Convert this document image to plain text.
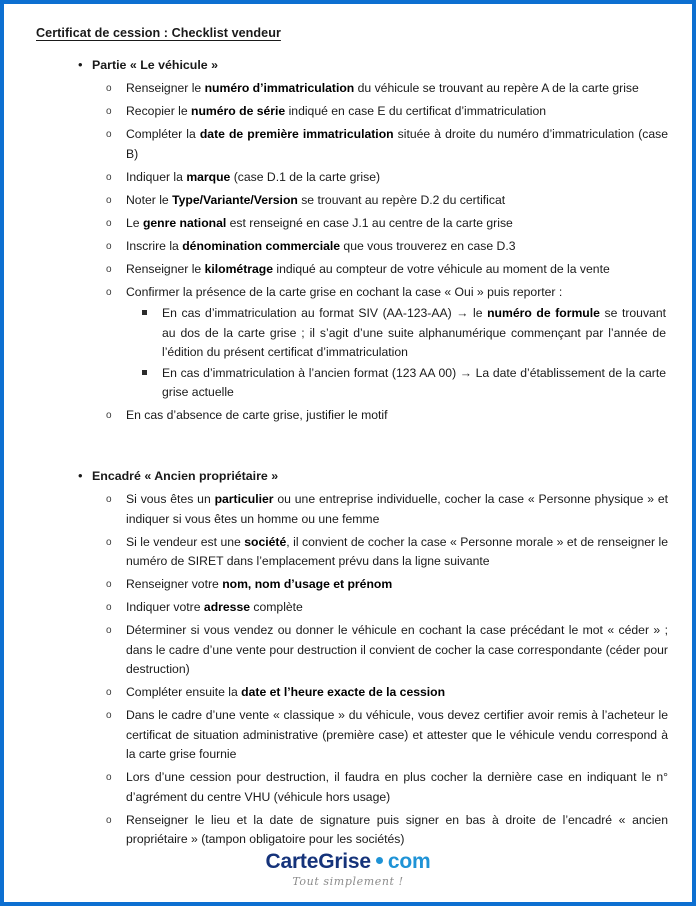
Certificat de cession : Checklist vendeur
• Partie « Le véhicule »
o Renseigner le numéro d’immatriculation du véhicule se trouvant au repère A de la carte grise
o Recopier le numéro de série indiqué en case E du certificat d’immatriculation
o Compléter la date de première immatriculation située à droite du numéro d’immatriculation (case B)
o Indiquer la marque (case D.1 de la carte grise)
o Noter le Type/Variante/Version se trouvant au repère D.2 du certificat
o Le genre national est renseigné en case J.1 au centre de la carte grise
o Inscrire la dénomination commerciale que vous trouverez en case D.3
o Renseigner le kilométrage indiqué au compteur de votre véhicule au moment de la vente
o Confirmer la présence de la carte grise en cochant la case « Oui » puis reporter :
En cas d’immatriculation au format SIV (AA-123-AA) → le numéro de formule se trouvant au dos de la carte grise ; il s’agit d’une suite alphanumérique commençant par l’année de l’édition du présent certificat d’immatriculation
En cas d’immatriculation à l’ancien format (123 AA 00) → La date d’établissement de la carte grise actuelle
o En cas d’absence de carte grise, justifier le motif
• Encadré « Ancien propriétaire »
o Si vous êtes un particulier ou une entreprise individuelle, cocher la case « Personne physique » et indiquer si vous êtes un homme ou une femme
o Si le vendeur est une société, il convient de cocher la case « Personne morale » et de renseigner le numéro de SIRET dans l’emplacement prévu dans la ligne suivante
o Renseigner votre nom, nom d’usage et prénom
o Indiquer votre adresse complète
o Déterminer si vous vendez ou donner le véhicule en cochant la case précédant le mot « céder » ; dans le cadre d’une vente pour destruction il convient de cocher la case correspondante (céder pour destruction)
o Compléter ensuite la date et l’heure exacte de la cession
o Dans le cadre d’une vente « classique » du véhicule, vous devez certifier avoir remis à l’acheteur le certificat de situation administrative (première case) et attester que le véhicule vendu correspond à la carte grise fournie
o Lors d’une cession pour destruction, il faudra en plus cocher la dernière case en indiquant le n° d’agrément du centre VHU (véhicule hors usage)
o Renseigner le lieu et la date de signature puis signer en bas à droite de l’encadré « ancien propriétaire » (tampon obligatoire pour les sociétés)
CarteGrise com
Tout simplement !
